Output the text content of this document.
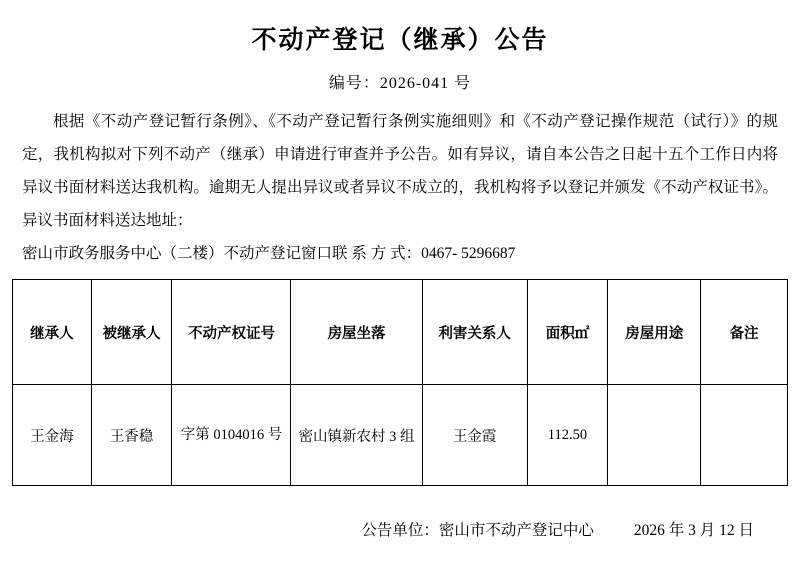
不动产登记（继承）公告
编号：2026-041 号
根据《不动产登记暂行条例》、《不动产登记暂行条例实施细则》和《不动产登记操作规范（试行）》的规定，我机构拟对下列不动产（继承）申请进行审查并予公告。如有异议，请自本公告之日起十五个工作日内将异议书面材料送达我机构。逾期无人提出异议或者异议不成立的，我机构将予以登记并颁发《不动产权证书》。 异议书面材料送达地址：
密山市政务服务中心（二楼）不动产登记窗口联 系 方 式：0467- 5296687
继承人	被继承人	不动产权证号	房屋坐落	利害关系人	面积㎡	房屋用途	备注
王金海	王香稳	字第 0104016 号	密山镇新农村 3 组	王金霞	112.50		

公告单位：密山市不动产登记中心	2026 年 3 月 12 日
